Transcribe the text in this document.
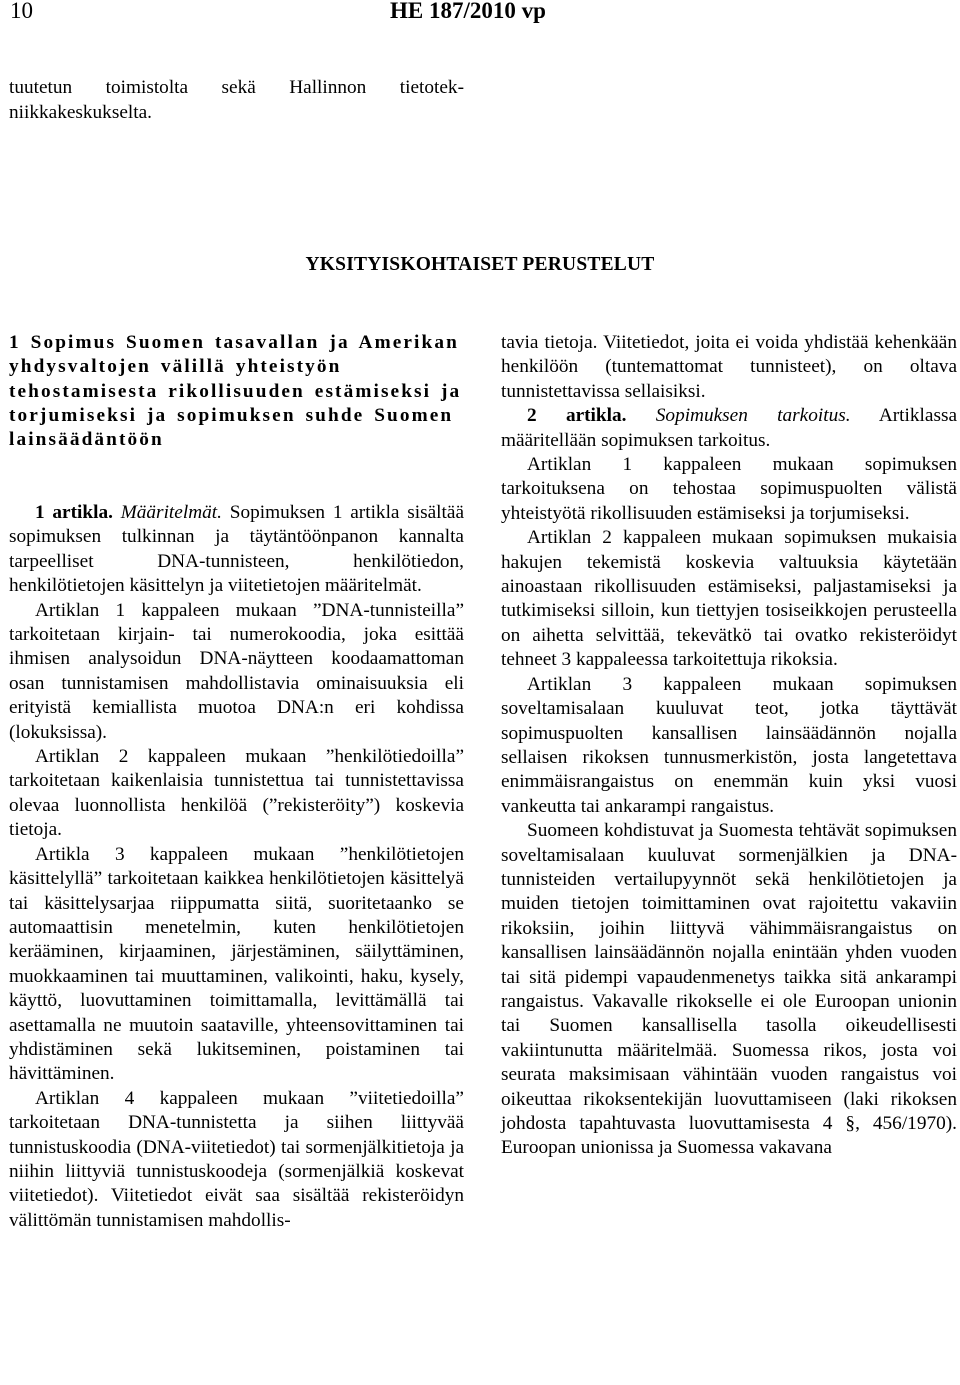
10	HE 187/2010 vp
tuutetun toimistolta sekä Hallinnon tietotek-niikkakeskukselta.
YKSITYISKOHTAISET PERUSTELUT
1 Sopimus Suomen tasavallan ja Amerikan yhdysvaltojen välillä yhteistyön tehostamisesta rikollisuuden estämiseksi ja torjumiseksi ja sopimuksen suhde Suomen lainsäädäntöön

1 artikla. Määritelmät. Sopimuksen 1 artikla sisältää sopimuksen tulkinnan ja täytäntöönpanon kannalta tarpeelliset DNA-tunnisteen, henkilötiedon, henkilötietojen käsittelyn ja viitetietojen määritelmät.

Artiklan 1 kappaleen mukaan ”DNA-tunnisteilla” tarkoitetaan kirjain- tai numerokoodia, joka esittää ihmisen analysoidun DNA-näytteen koodaamattoman osan tunnistamisen mahdollistavia ominaisuuksia eli erityistä kemiallista muotoa DNA:n eri kohdissa (lokuksissa).

Artiklan 2 kappaleen mukaan ”henkilötiedoilla” tarkoitetaan kaikenlaisia tunnistettua tai tunnistettavissa olevaa luonnollista henkilöä (”rekisteröity”) koskevia tietoja.

Artikla 3 kappaleen mukaan ”henkilötietojen käsittelyllä” tarkoitetaan kaikkea henkilötietojen käsittelyä tai käsittelysarjaa riippumatta siitä, suoritetaanko se automaattisin menetelmin, kuten henkilötietojen kerääminen, kirjaaminen, järjestäminen, säilyttäminen, muokkaaminen tai muuttaminen, valikointi, haku, kysely, käyttö, luovuttaminen toimittamalla, levittämällä tai asettamalla ne muutoin saataville, yhteensovittaminen tai yhdistäminen sekä lukitseminen, poistaminen tai hävittäminen.

Artiklan 4 kappaleen mukaan ”viitetiedoilla” tarkoitetaan DNA-tunnistetta ja siihen liittyvää tunnistuskoodia (DNA-viitetiedot) tai sormenjälkitietoja ja niihin liittyviä tunnistuskoodeja (sormenjälkiä koskevat viitetiedot). Viitetiedot eivät saa sisältää rekisteröidyn välittömän tunnistamisen mahdollis-

tavia tietoja. Viitetiedot, joita ei voida yhdistää kehenkään henkilöön (tuntemattomat tunnisteet), on oltava tunnistettavissa sellaisiksi.

2 artikla. Sopimuksen tarkoitus. Artiklassa määritellään sopimuksen tarkoitus.

Artiklan 1 kappaleen mukaan sopimuksen tarkoituksena on tehostaa sopimuspuolten välistä yhteistyötä rikollisuuden estämiseksi ja torjumiseksi.

Artiklan 2 kappaleen mukaan sopimuksen mukaisia hakujen tekemistä koskevia valtuuksia käytetään ainoastaan rikollisuuden estämiseksi, paljastamiseksi ja tutkimiseksi silloin, kun tiettyjen tosiseikkojen perusteella on aihetta selvittää, tekevätkö tai ovatko rekisteröidyt tehneet 3 kappaleessa tarkoitettuja rikoksia.

Artiklan 3 kappaleen mukaan sopimuksen soveltamisalaan kuuluvat teot, jotka täyttävät sopimuspuolten kansallisen lainsäädännön nojalla sellaisen rikoksen tunnusmerkistön, josta langetettava enimmäisrangaistus on enemmän kuin yksi vuosi vankeutta tai ankarampi rangaistus.

Suomeen kohdistuvat ja Suomesta tehtävät sopimuksen soveltamisalaan kuuluvat sormenjälkien ja DNA-tunnisteiden vertailupyynnöt sekä henkilötietojen ja muiden tietojen toimittaminen ovat rajoitettu vakaviin rikoksiin, joihin liittyvä vähimmäisrangaistus on kansallisen lainsäädännön nojalla enintään yhden vuoden tai sitä pidempi vapaudenmenetys taikka sitä ankarampi rangaistus. Vakavalle rikokselle ei ole Euroopan unionin tai Suomen kansallisella tasolla oikeudellisesti vakiintunutta määritelmää. Suomessa rikos, josta voi seurata maksimisaan vähintään vuoden rangaistus voi oikeuttaa rikoksentekijän luovuttamiseen (laki rikoksen johdosta tapahtuvasta luovuttamisesta 4 §, 456/1970). Euroopan unionissa ja Suomessa vakavana
